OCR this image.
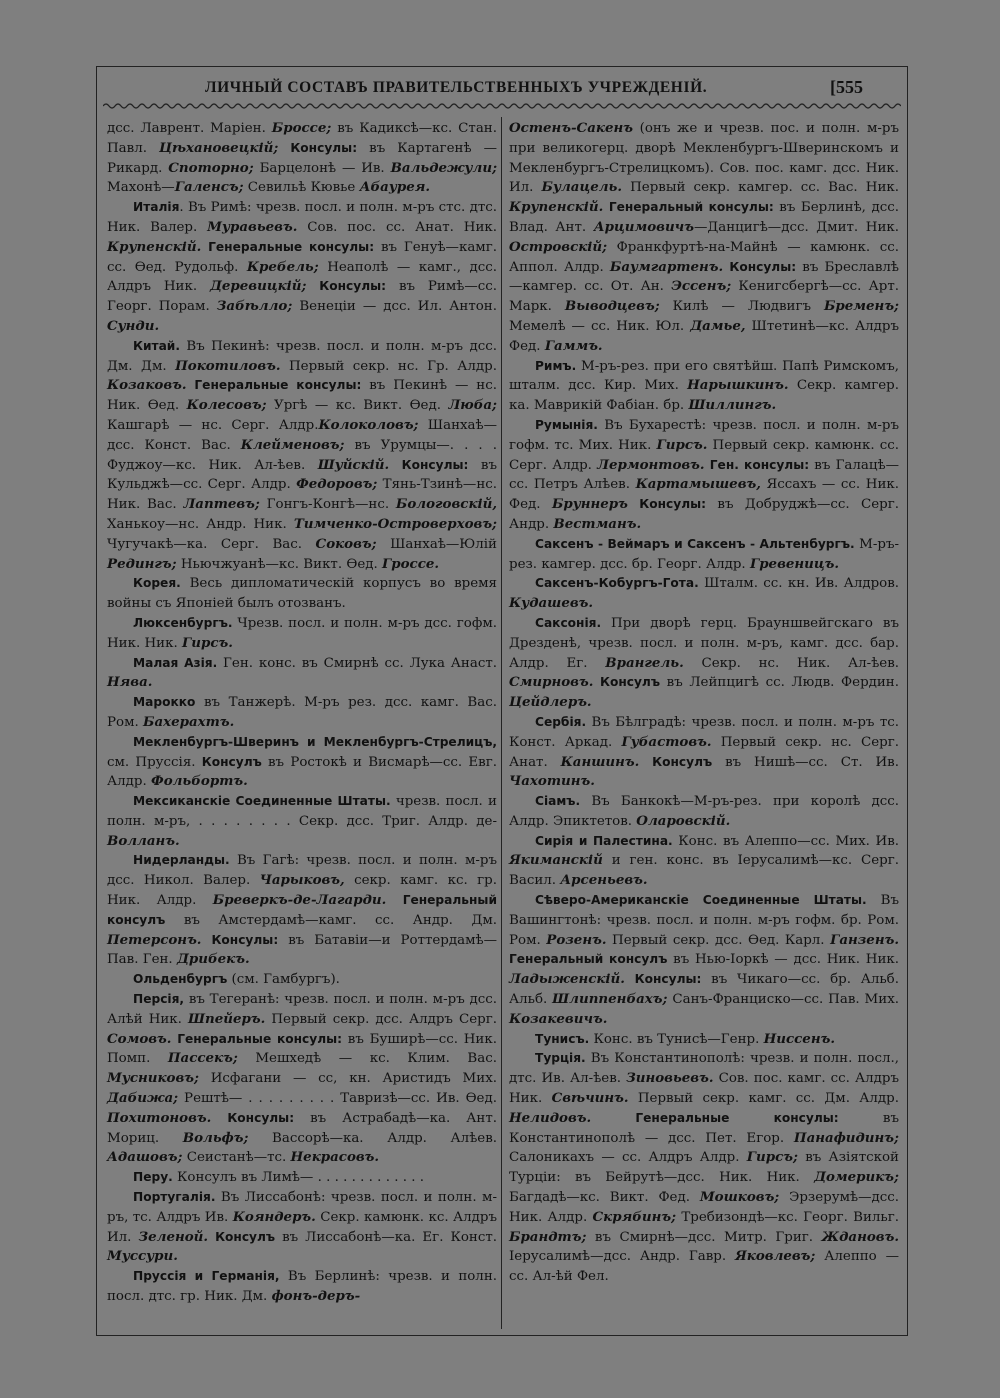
ЛИЧНЫЙ СОСТАВЪ ПРАВИТЕЛЬСТВЕННЫХЪ УЧРЕЖДЕНІЙ.	[555

дсс. Лаврент. Маріен. Броссе; въ Кадиксѣ—кс. Стан. Павл. Цѣхановецкій; Консулы: въ Картагенѣ — Рикард. Споторно; Барцелонѣ — Ив. Вальдежули; Махонѣ—Галенсъ; Севильѣ Кювье Абаурея.

Италія. Въ Римѣ: чрезв. посл. и полн. м-ръ стс. дтс. Ник. Валер. Муравьевъ. Сов. пос. сс. Анат. Ник. Крупенскій. Генеральные консулы: въ Генуѣ—камг. сс. Ѳед. Рудольф. Кребель; Неаполѣ — камг., дсс. Алдръ Ник. Деревицкій; Консулы: въ Римѣ—сс. Георг. Порам. Забѣлло; Венеціи — дсс. Ил. Антон. Сунди.

Китай. Въ Пекинѣ: чрезв. посл. и полн. м-ръ дсс. Дм. Дм. Покотиловъ. Первый секр. нс. Гр. Алдр. Козаковъ. Генеральные консулы: въ Пекинѣ — нс. Ник. Ѳед. Колесовъ; Ургѣ — кс. Викт. Ѳед. Люба; Кашгарѣ — нс. Серг. Алдр.Колоколовъ; Шанхаѣ—дсс. Конст. Вас. Клейменовъ; въ Урумцы—. . . . Фуджоу—кс. Ник. Ал-ѣев. Шуйскій. Консулы: въ Кульджѣ—сс. Серг. Алдр. Федоровъ; Тянь-Тзинѣ—нс. Ник. Вас. Лаптевъ; Гонгъ-Конгѣ—нс. Бологовскій, Ханькоу—нс. Андр. Ник. Тимченко-Островерховъ; Чугучакѣ—ка. Серг. Вас. Соковъ; Шанхаѣ—Юлій Редингъ; Ньючжуанѣ—кс. Викт. Ѳед. Гроссе.

Корея. Весь дипломатическій корпусъ во время войны съ Японіей былъ отозванъ.

Люксенбургъ. Чрезв. посл. и полн. м-ръ дсс. гофм. Ник. Ник. Гирсъ.

Малая Азія. Ген. конс. въ Смирнѣ сс. Лука Анаст. Нява.

Марокко въ Танжерѣ. М-ръ рез. дсс. камг. Вас. Ром. Бахерахтъ.

Мекленбургъ-Шверинъ и Мекленбургъ-Стрелицъ, см. Пруссія. Консулъ въ Ростокѣ и Висмарѣ—сс. Евг. Алдр. Фольбортъ.

Мексиканскіе Соединенные Штаты. чрезв. посл. и полн. м-ръ, . . . . . . . . Секр. дсс. Триг. Алдр. де-Волланъ.

Нидерланды. Въ Гагѣ: чрезв. посл. и полн. м-ръ дсс. Никол. Валер. Чарыковъ, секр. камг. кс. гр. Ник. Алдр. Бреверкъ-де-Лагарди. Генеральный консулъ въ Амстердамѣ—камг. сс. Андр. Дм. Петерсонъ. Консулы: въ Батавіи—и Роттердамѣ—Пав. Ген. Дрибекъ.

Ольденбургъ (см. Гамбургъ).

Персія, въ Тегеранѣ: чрезв. посл. и полн. м-ръ дсс. Алѣй Ник. Шпейеръ. Первый секр. дсс. Алдръ Серг. Сомовъ. Генеральные консулы: въ Буширѣ—сс. Ник. Помп. Пассекъ; Мешхедѣ — кс. Клим. Вас. Мусниковъ; Исфагани — сс, кн. Аристидъ Мих. Дабижа; Рештѣ— . . . . . . . . . Тавризѣ—сс. Ив. Ѳед. Похитоновъ. Консулы: въ Астрабадѣ—ка. Ант. Мориц. Вольфъ; Вассорѣ—ка. Алдр. Алѣев. Адашовъ; Сеистанѣ—тс. Некрасовъ.

Перу. Консулъ въ Лимѣ— . . . . . . . . . . . . .

Португалія. Въ Лиссабонѣ: чрезв. посл. и полн. м-ръ, тс. Алдръ Ив. Кояндеръ. Секр. камюнк. кс. Алдръ Ил. Зеленой. Консулъ въ Лиссабонѣ—ка. Ег. Конст. Муссури.

Пруссія и Германія, Въ Берлинѣ: чрезв. и полн. посл. дтс. гр. Ник. Дм. фонъ-деръ-

Остенъ-Сакенъ (онъ же и чрезв. пос. и полн. м-ръ при великогерц. дворѣ Мекленбургъ-Шверинскомъ и Мекленбургъ-Стрелицкомъ). Сов. пос. камг. дсс. Ник. Ил. Булацель. Первый секр. камгер. сс. Вас. Ник. Крупенскій. Генеральный консулы: въ Берлинѣ, дсс. Влад. Ант. Арцимовичъ—Данцигѣ—дсс. Дмит. Ник. Островскій; Франкфуртѣ-на-Майнѣ — камюнк. сс. Аппол. Алдр. Баумгартенъ. Консулы: въ Бреславлѣ—камгер. сс. От. Ан. Эссенъ; Кенигсбергѣ—сс. Арт. Марк. Выводцевъ; Килѣ — Людвигъ Бременъ; Мемелѣ — сс. Ник. Юл. Дамье, Штетинѣ—кс. Алдръ Фед. Гаммъ.

Римъ. М-ръ-рез. при его святѣйш. Папѣ Римскомъ, шталм. дсс. Кир. Мих. Нарышкинъ. Секр. камгер. ка. Маврикій Фабіан. бр. Шиллингъ.

Румынія. Въ Бухарестѣ: чрезв. посл. и полн. м-ръ гофм. тс. Мих. Ник. Гирсъ. Первый секр. камюнк. сс. Серг. Алдр. Лермонтовъ. Ген. консулы: въ Галацѣ—сс. Петръ Алѣев. Картамышевъ, Яссахъ — сс. Ник. Фед. Бруннеръ Консулы: въ Добруджѣ—сс. Серг. Андр. Вестманъ.

Саксенъ - Веймаръ и Саксенъ - Альтенбургъ. М-ръ-рез. камгер. дсс. бр. Георг. Алдр. Гревеницъ.

Саксенъ-Кобургъ-Гота. Шталм. сс. кн. Ив. Алдров. Кудашевъ.

Саксонія. При дворѣ герц. Брауншвейгскаго въ Дрезденѣ, чрезв. посл. и полн. м-ръ, камг. дсс. бар. Алдр. Ег. Врангель. Секр. нс. Ник. Ал-ѣев. Смирновъ. Консулъ въ Лейпцигѣ сс. Людв. Фердин. Цейдлеръ.

Сербія. Въ Бѣлградѣ: чрезв. посл. и полн. м-ръ тс. Конст. Аркад. Губастовъ. Первый секр. нс. Серг. Анат. Каншинъ. Консулъ въ Нишѣ—сс. Ст. Ив. Чахотинъ.

Сіамъ. Въ Банкокѣ—М-ръ-рез. при королѣ дсс. Алдр. Эпиктетов. Оларовскій.

Сирія и Палестина. Конс. въ Алеппо—сс. Мих. Ив. Якиманскій и ген. конс. въ Іерусалимѣ—кс. Серг. Васил. Арсеньевъ.

Сѣверо-Американскіе Соединенные Штаты. Въ Вашингтонѣ: чрезв. посл. и полн. м-ръ гофм. бр. Ром. Ром. Розенъ. Первый секр. дсс. Ѳед. Карл. Ганзенъ. Генеральный консулъ въ Нью-Іоркѣ — дсс. Ник. Ник. Ладыженскій. Консулы: въ Чикаго—сс. бр. Альб. Альб. Шлиппенбахъ; Санъ-Франциско—сс. Пав. Мих. Козакевичъ.

Тунисъ. Конс. въ Тунисѣ—Генр. Ниссенъ.

Турція. Въ Константинополѣ: чрезв. и полн. посл., дтс. Ив. Ал-ѣев. Зиновьевъ. Сов. пос. камг. сс. Алдръ Ник. Свѣчинъ. Первый секр. камг. сс. Дм. Алдр. Нелидовъ. Генеральные консулы: въ Константинополѣ — дсс. Пет. Егор. Панафидинъ; Салоникахъ — сс. Алдръ Алдр. Гирсъ; въ Азіятской Турціи: въ Бейрутѣ—дсс. Ник. Ник. Домерикъ; Багдадѣ—кс. Викт. Фед. Мошковъ; Эрзерумѣ—дсс. Ник. Алдр. Скрябинъ; Требизондѣ—кс. Георг. Вильг. Брандтъ; въ Смирнѣ—дсс. Митр. Григ. Ждановъ. Іерусалимѣ—дсс. Андр. Гавр. Яковлевъ; Алеппо — сс. Ал-ѣй Фел.
